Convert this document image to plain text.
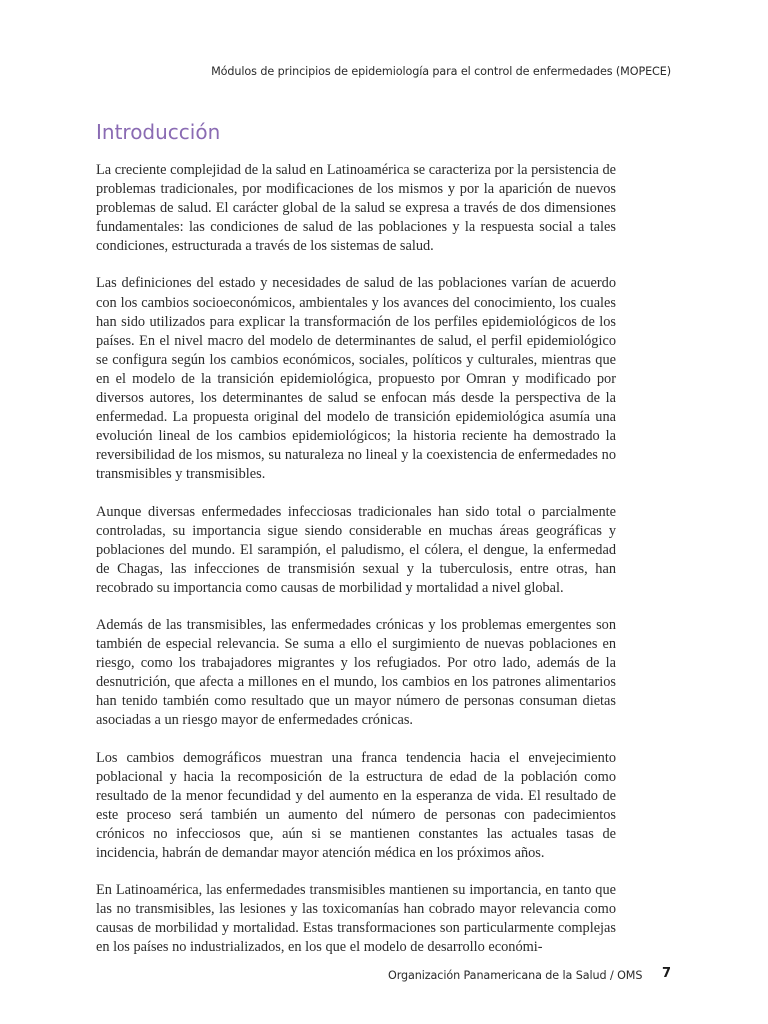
Módulos de principios de epidemiología para el control de enfermedades (MOPECE)
Introducción

La creciente complejidad de la salud en Latinoamérica se caracteriza por la persistencia de problemas tradicionales, por modificaciones de los mismos y por la aparición de nuevos problemas de salud. El carácter global de la salud se expresa a través de dos dimensiones fundamentales: las condiciones de salud de las poblaciones y la respuesta social a tales condiciones, estructurada a través de los sistemas de salud.

Las definiciones del estado y necesidades de salud de las poblaciones varían de acuerdo con los cambios socioeconómicos, ambientales y los avances del conocimiento, los cuales han sido utilizados para explicar la transformación de los perfiles epidemiológicos de los países. En el nivel macro del modelo de determinantes de salud, el perfil epidemiológico se configura según los cambios económicos, sociales, políticos y culturales, mientras que en el modelo de la transición epidemiológica, propuesto por Omran y modificado por diversos autores, los determinantes de salud se enfocan más desde la perspectiva de la enfermedad. La propuesta original del modelo de transición epidemiológica asumía una evolución lineal de los cambios epidemiológicos; la historia reciente ha demostrado la reversibilidad de los mismos, su naturaleza no lineal y la coexistencia de enfermedades no transmisibles y transmisibles.

Aunque diversas enfermedades infecciosas tradicionales han sido total o parcialmente controladas, su importancia sigue siendo considerable en muchas áreas geográficas y poblaciones del mundo. El sarampión, el paludismo, el cólera, el dengue, la enfermedad de Chagas, las infecciones de transmisión sexual y la tuberculosis, entre otras, han recobrado su importancia como causas de morbilidad y mortalidad a nivel global.

Además de las transmisibles, las enfermedades crónicas y los problemas emergentes son también de especial relevancia. Se suma a ello el surgimiento de nuevas poblaciones en riesgo, como los trabajadores migrantes y los refugiados. Por otro lado, además de la desnutrición, que afecta a millones en el mundo, los cambios en los patrones alimentarios han tenido también como resultado que un mayor número de personas consuman dietas asociadas a un riesgo mayor de enfermedades crónicas.

Los cambios demográficos muestran una franca tendencia hacia el envejecimiento poblacional y hacia la recomposición de la estructura de edad de la población como resultado de la menor fecundidad y del aumento en la esperanza de vida. El resultado de este proceso será también un aumento del número de personas con padecimientos crónicos no infecciosos que, aún si se mantienen constantes las actuales tasas de incidencia, habrán de demandar mayor atención médica en los próximos años.

En Latinoamérica, las enfermedades transmisibles mantienen su importancia, en tanto que las no transmisibles, las lesiones y las toxicomanías han cobrado mayor relevancia como causas de morbilidad y mortalidad. Estas transformaciones son particularmente complejas en los países no industrializados, en los que el modelo de desarrollo económi-

Organización Panamericana de la Salud / OMS 7
